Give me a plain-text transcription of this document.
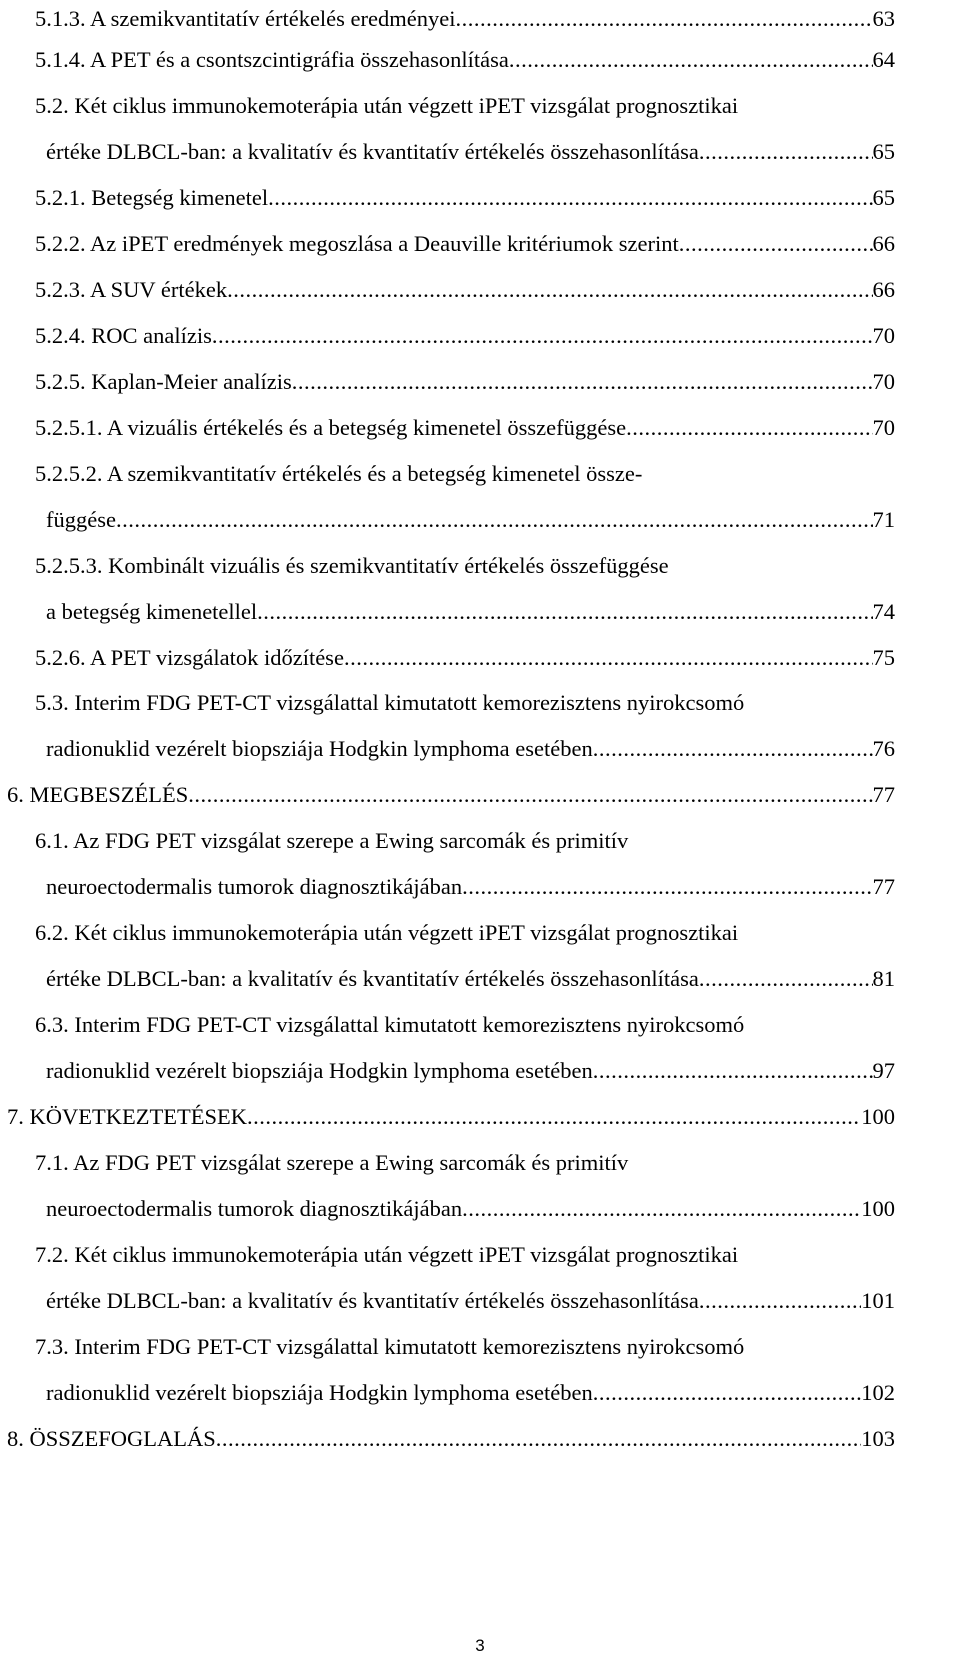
5.1.3. A szemikvantitatív értékelés eredményei .....	63
5.1.4. A PET és a csontszcintigráfia összehasonlítása .....	64
5.2. Két ciklus immunokemoterápia után végzett iPET vizsgálat prognosztikai
értéke DLBCL-ban: a kvalitatív és kvantitatív értékelés összehasonlítása .....	65
5.2.1. Betegség kimenetel .....	65
5.2.2. Az iPET eredmények megoszlása a Deauville kritériumok szerint .....	66
5.2.3. A SUV értékek .....	66
5.2.4. ROC analízis .....	70
5.2.5. Kaplan-Meier analízis .....	70
5.2.5.1. A vizuális értékelés és a betegség kimenetel összefüggése .....	70
5.2.5.2. A szemikvantitatív értékelés és a betegség kimenetel össze-
függése .....	71
5.2.5.3. Kombinált vizuális és szemikvantitatív értékelés összefüggése
a betegség kimenetellel .....	74
5.2.6. A PET vizsgálatok időzítése .....	75
5.3. Interim FDG PET-CT vizsgálattal kimutatott kemorezisztens nyirokcsomó
radionuklid vezérelt biopsziája Hodgkin lymphoma esetében .....	76
6. MEGBESZÉLÉS .....	77
6.1. Az FDG PET vizsgálat szerepe a Ewing sarcomák és primitív
neuroectodermalis tumorok diagnosztikájában .....	77
6.2. Két ciklus immunokemoterápia után végzett iPET vizsgálat prognosztikai
értéke DLBCL-ban: a kvalitatív és kvantitatív értékelés összehasonlítása .....	81
6.3. Interim FDG PET-CT vizsgálattal kimutatott kemorezisztens nyirokcsomó
radionuklid vezérelt biopsziája Hodgkin lymphoma esetében .....	97
7. KÖVETKEZTETÉSEK .....	100
7.1. Az FDG PET vizsgálat szerepe a Ewing sarcomák és primitív
neuroectodermalis tumorok diagnosztikájában .....	100
7.2. Két ciklus immunokemoterápia után végzett iPET vizsgálat prognosztikai
értéke DLBCL-ban: a kvalitatív és kvantitatív értékelés összehasonlítása .....	101
7.3. Interim FDG PET-CT vizsgálattal kimutatott kemorezisztens nyirokcsomó
radionuklid vezérelt biopsziája Hodgkin lymphoma esetében .....	102
8. ÖSSZEFOGLALÁS .....	103
3
